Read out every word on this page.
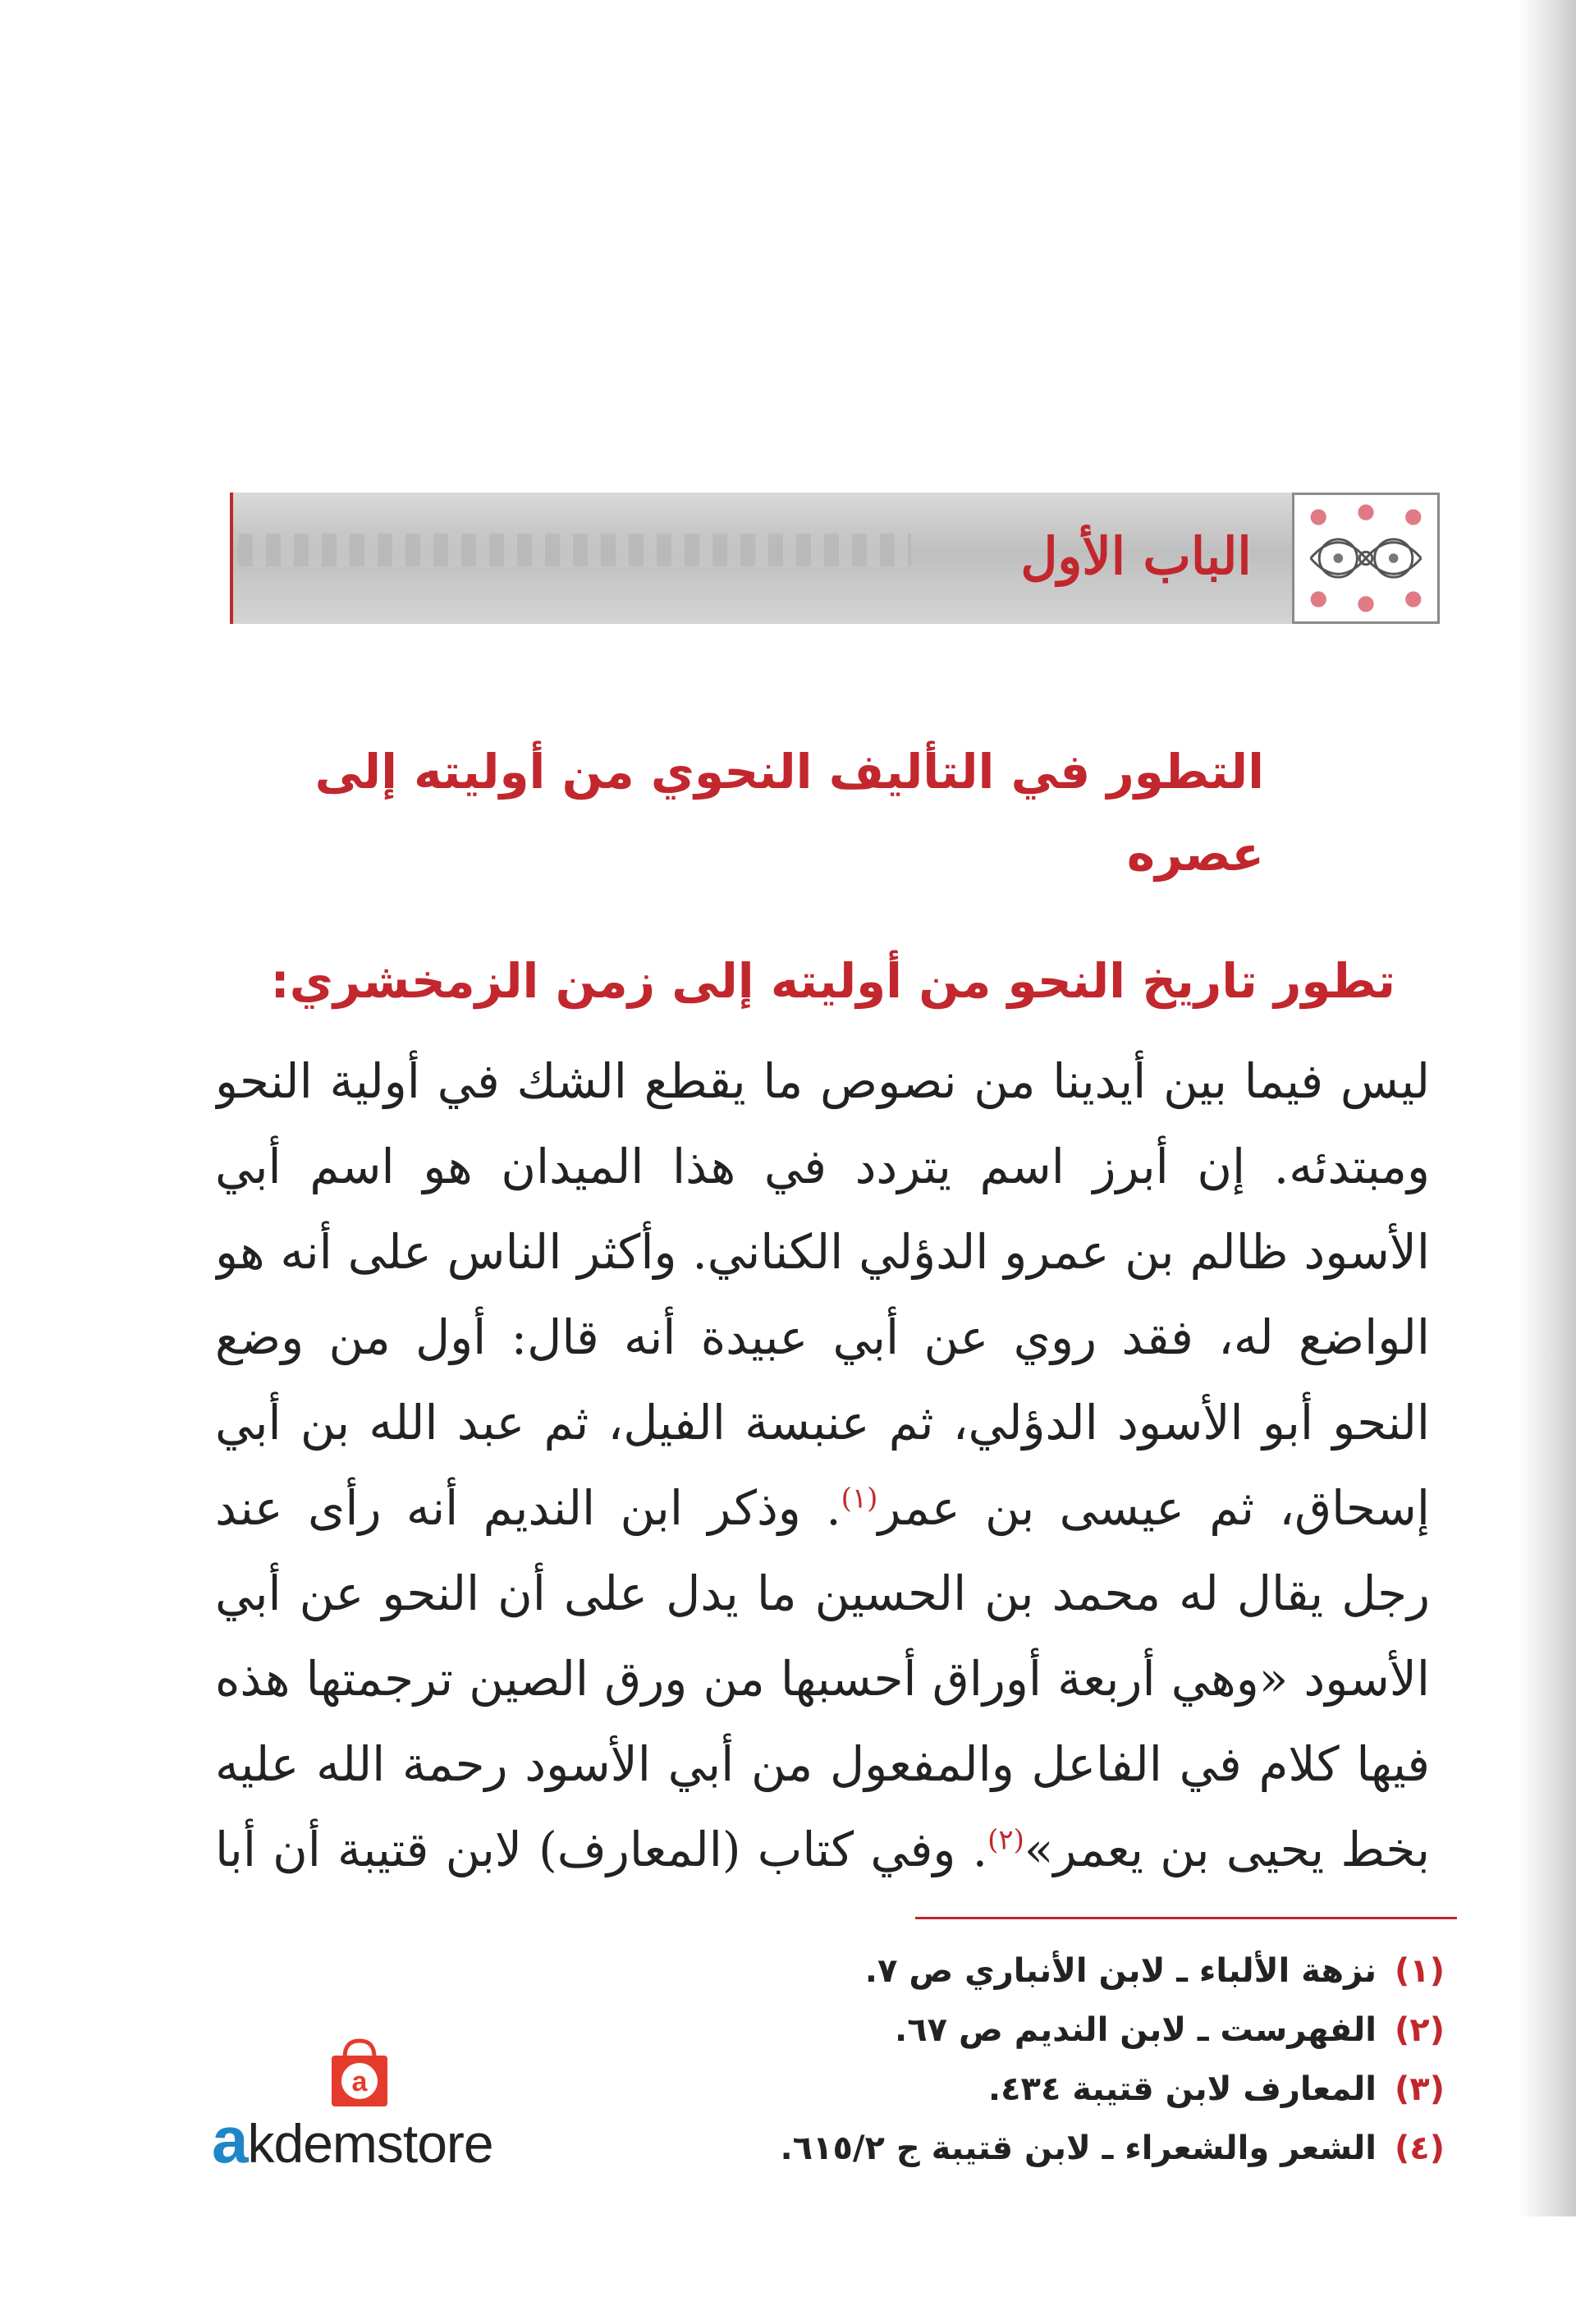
الباب الأول
التطور في التأليف النحوي من أوليته إلى عصره
تطور تاريخ النحو من أوليته إلى زمن الزمخشري:
ليس فيما بين أيدينا من نصوص ما يقطع الشك في أولية النحو ومبتدئه. إن أبرز اسم يتردد في هذا الميدان هو اسم أبي الأسود ظالم بن عمرو الدؤلي الكناني. وأكثر الناس على أنه هو الواضع له، فقد روي عن أبي عبيدة أنه قال: أول من وضع النحو أبو الأسود الدؤلي، ثم عنبسة الفيل، ثم عبد الله بن أبي إسحاق، ثم عيسى بن عمر$^{(١)}$. وذكر ابن النديم أنه رأى عند رجل يقال له محمد بن الحسين ما يدل على أن النحو عن أبي الأسود «وهي أربعة أوراق أحسبها من ورق الصين ترجمتها هذه فيها كلام في الفاعل والمفعول من أبي الأسود رحمة الله عليه بخط يحيى بن يعمر»$^{(٢)}$. وفي كتاب (المعارف) لابن قتيبة أن أبا
(١)نزهة الألباء ـ لابن الأنباري ص ٧.
(٢)الفهرست ـ لابن النديم ص ٦٧.
(٣)المعارف لابن قتيبة ٤٣٤.
(٤)الشعر والشعراء ـ لابن قتيبة ج ٦١٥/٢.
a
akdemstore
